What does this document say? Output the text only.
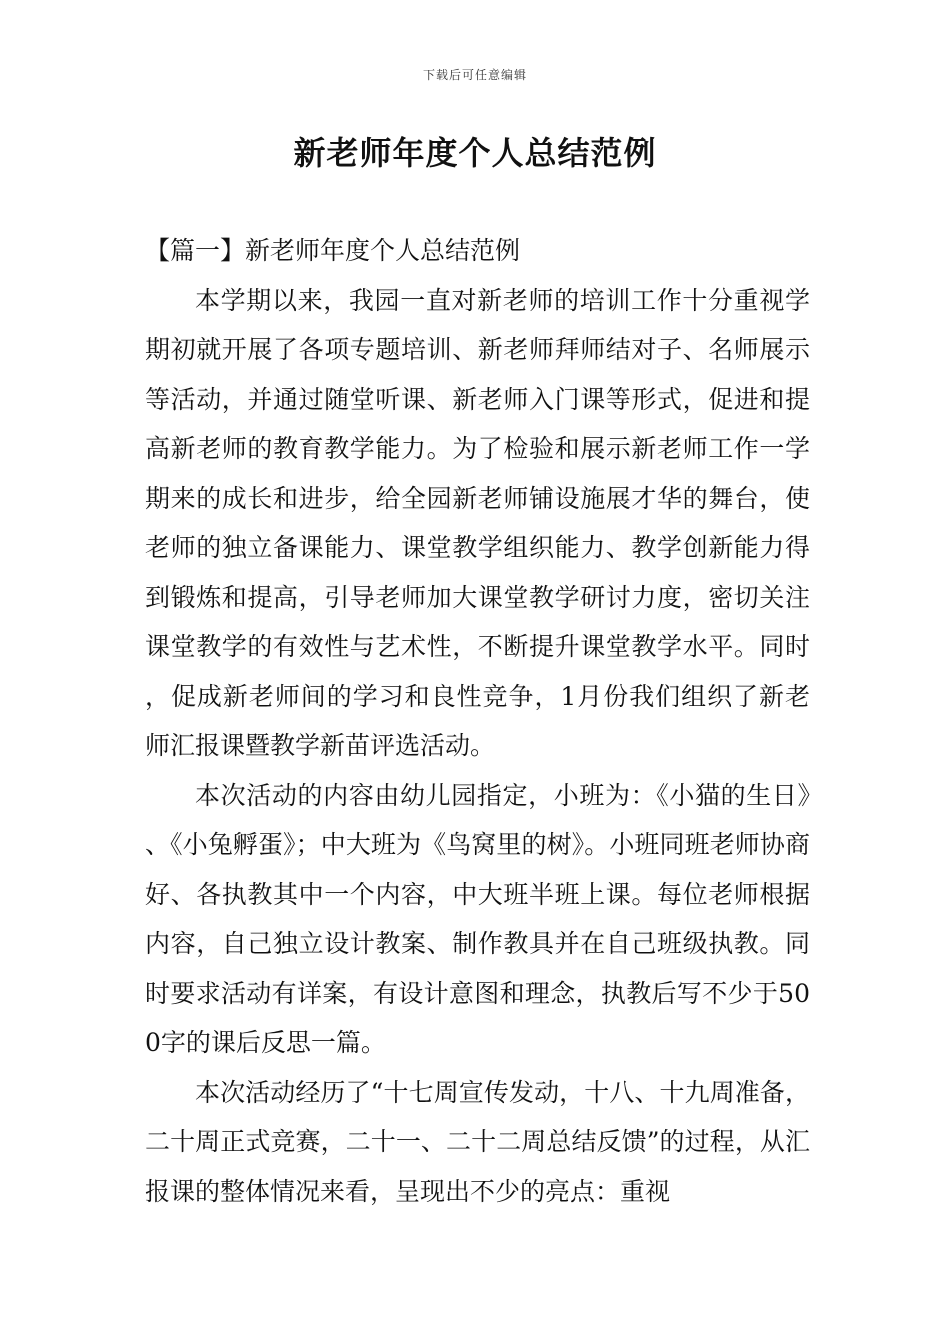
下载后可任意编辑
新老师年度个人总结范例

【篇一】新老师年度个人总结范例

本学期以来，我园一直对新老师的培训工作十分重视学期初就开展了各项专题培训、新老师拜师结对子、名师展示等活动，并通过随堂听课、新老师入门课等形式，促进和提高新老师的教育教学能力。为了检验和展示新老师工作一学期来的成长和进步，给全园新老师铺设施展才华的舞台，使老师的独立备课能力、课堂教学组织能力、教学创新能力得到锻炼和提高，引导老师加大课堂教学研讨力度，密切关注课堂教学的有效性与艺术性，不断提升课堂教学水平。同时，促成新老师间的学习和良性竞争，1月份我们组织了新老师汇报课暨教学新苗评选活动。

本次活动的内容由幼儿园指定，小班为：《小猫的生日》、《小兔孵蛋》；中大班为《鸟窝里的树》。小班同班老师协商好、各执教其中一个内容，中大班半班上课。每位老师根据内容，自己独立设计教案、制作教具并在自己班级执教。同时要求活动有详案，有设计意图和理念，执教后写不少于500字的课后反思一篇。

本次活动经历了“十七周宣传发动，十八、十九周准备，二十周正式竞赛，二十一、二十二周总结反馈”的过程，从汇报课的整体情况来看，呈现出不少的亮点：重视
